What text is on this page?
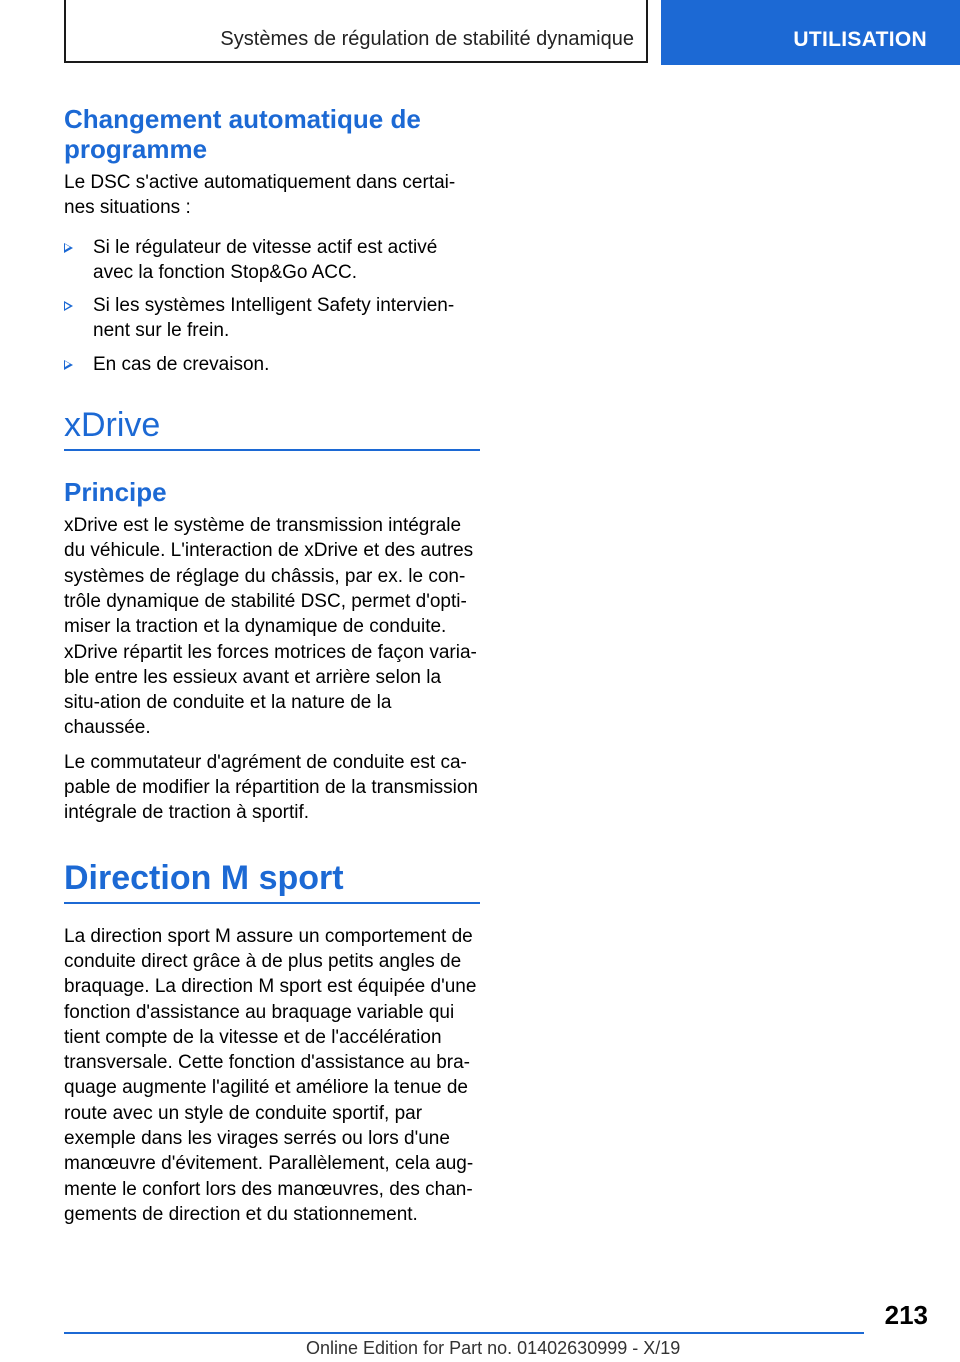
Systèmes de régulation de stabilité dynamique	UTILISATION
Changement automatique de programme

Le DSC s'active automatiquement dans certai-nes situations :

Si le régulateur de vitesse actif est activé avec la fonction Stop&Go ACC.
Si les systèmes Intelligent Safety intervien-nent sur le frein.
En cas de crevaison.
xDrive
Principe

xDrive est le système de transmission intégrale du véhicule. L'interaction de xDrive et des autres systèmes de réglage du châssis, par ex. le con-trôle dynamique de stabilité DSC, permet d'opti-miser la traction et la dynamique de conduite. xDrive répartit les forces motrices de façon varia-ble entre les essieux avant et arrière selon la situ-ation de conduite et la nature de la chaussée.

Le commutateur d'agrément de conduite est ca-pable de modifier la répartition de la transmission intégrale de traction à sportif.

Direction M sport

La direction sport M assure un comportement de conduite direct grâce à de plus petits angles de braquage. La direction M sport est équipée d'une fonction d'assistance au braquage variable qui tient compte de la vitesse et de l'accélération transversale. Cette fonction d'assistance au bra-quage augmente l'agilité et améliore la tenue de route avec un style de conduite sportif, par exemple dans les virages serrés ou lors d'une manœuvre d'évitement. Parallèlement, cela aug-mente le confort lors des manœuvres, des chan-gements de direction et du stationnement.

213
Online Edition for Part no. 01402630999 - X/19
